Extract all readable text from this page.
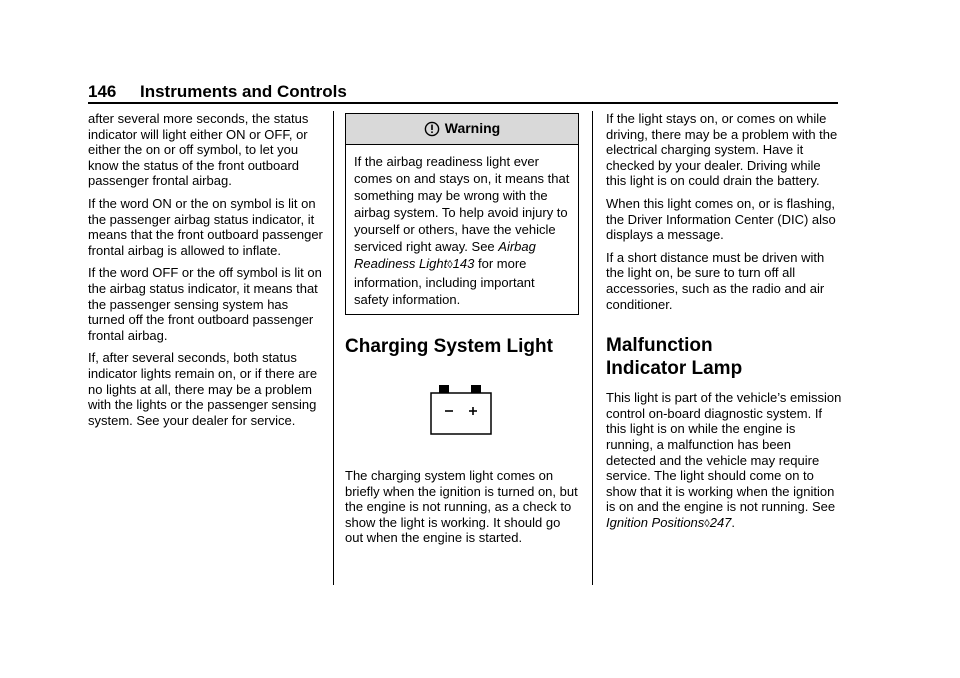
146 Instruments and Controls

after several more seconds, the status indicator will light either ON or OFF, or either the on or off symbol, to let you know the status of the front outboard passenger frontal airbag.

If the word ON or the on symbol is lit on the passenger airbag status indicator, it means that the front outboard passenger frontal airbag is allowed to inflate.

If the word OFF or the off symbol is lit on the airbag status indicator, it means that the passenger sensing system has turned off the front outboard passenger frontal airbag.

If, after several seconds, both status indicator lights remain on, or if there are no lights at all, there may be a problem with the lights or the passenger sensing system. See your dealer for service.

Warning
If the airbag readiness light ever comes on and stays on, it means that something may be wrong with the airbag system. To help avoid injury to yourself or others, have the vehicle serviced right away. See Airbag Readiness Light◊143 for more information, including important safety information.
Charging System Light

The charging system light comes on briefly when the ignition is turned on, but the engine is not running, as a check to show the light is working. It should go out when the engine is started.

If the light stays on, or comes on while driving, there may be a problem with the electrical charging system. Have it checked by your dealer. Driving while this light is on could drain the battery.

When this light comes on, or is flashing, the Driver Information Center (DIC) also displays a message.

If a short distance must be driven with the light on, be sure to turn off all accessories, such as the radio and air conditioner.

Malfunction
Indicator Lamp

This light is part of the vehicle’s emission control on-board diagnostic system. If this light is on while the engine is running, a malfunction has been detected and the vehicle may require service. The light should come on to show that it is working when the ignition is on and the engine is not running. See Ignition Positions◊247.
